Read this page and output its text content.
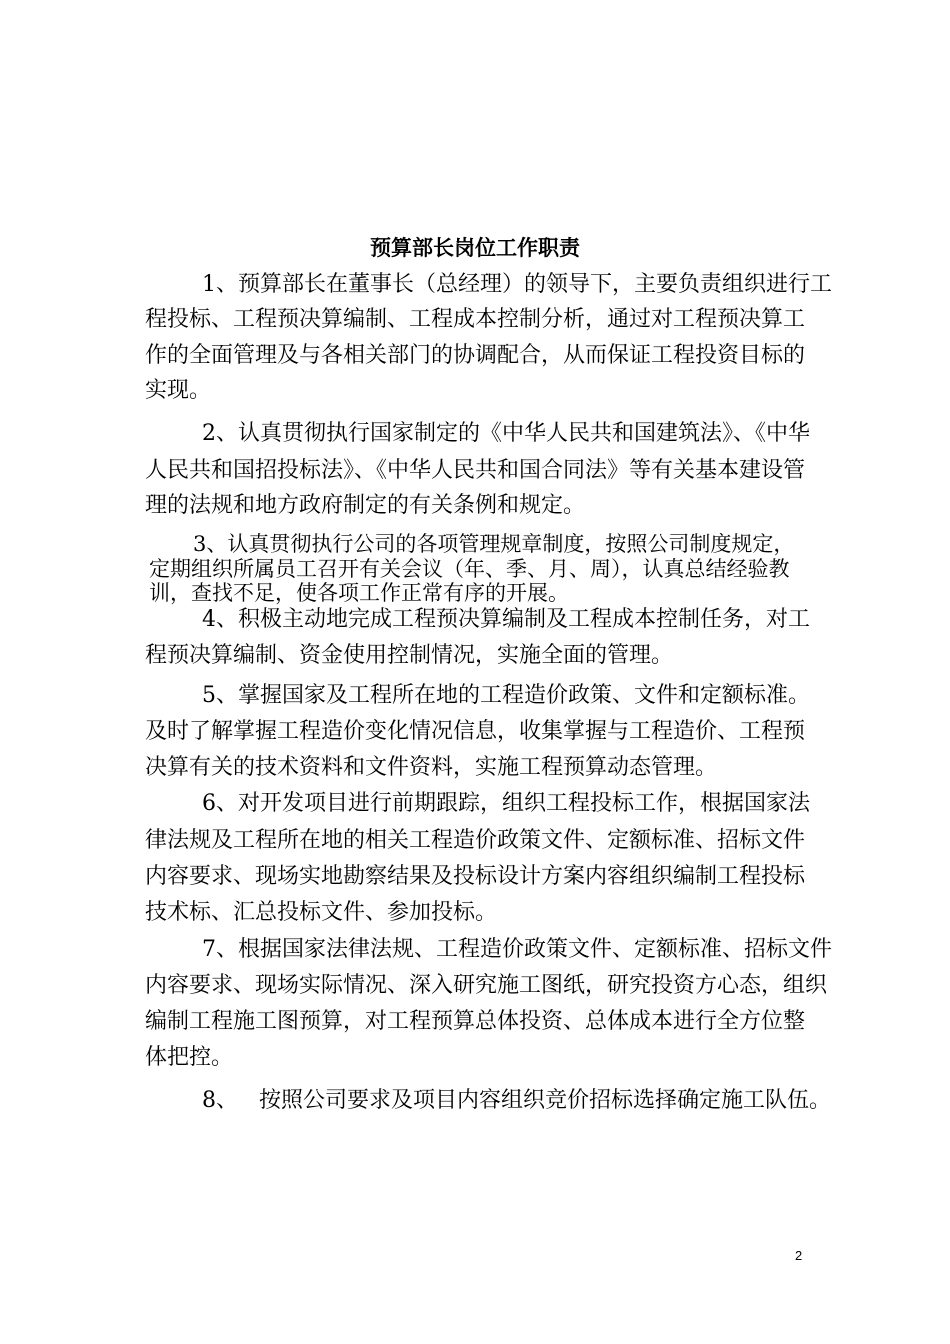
预算部长岗位工作职责

1、预算部长在董事长（总经理）的领导下，主要负责组织进行工

程投标、工程预决算编制、工程成本控制分析，通过对工程预决算工

作的全面管理及与各相关部门的协调配合，从而保证工程投资目标的

实现。

2、认真贯彻执行国家制定的《中华人民共和国建筑法》、《中华

人民共和国招投标法》、《中华人民共和国合同法》等有关基本建设管

理的法规和地方政府制定的有关条例和规定。

3、认真贯彻执行公司的各项管理规章制度，按照公司制度规定，

定期组织所属员工召开有关会议（年、季、月、周），认真总结经验教

训，查找不足，使各项工作正常有序的开展。

4、积极主动地完成工程预决算编制及工程成本控制任务，对工

程预决算编制、资金使用控制情况，实施全面的管理。

5、掌握国家及工程所在地的工程造价政策、文件和定额标准。

及时了解掌握工程造价变化情况信息，收集掌握与工程造价、工程预

决算有关的技术资料和文件资料，实施工程预算动态管理。

6、对开发项目进行前期跟踪，组织工程投标工作，根据国家法

律法规及工程所在地的相关工程造价政策文件、定额标准、招标文件

内容要求、现场实地勘察结果及投标设计方案内容组织编制工程投标

技术标、汇总投标文件、参加投标。

7、根据国家法律法规、工程造价政策文件、定额标准、招标文件

内容要求、现场实际情况、深入研究施工图纸，研究投资方心态，组织

编制工程施工图预算，对工程预算总体投资、总体成本进行全方位整

体把控。

8、   按照公司要求及项目内容组织竞价招标选择确定施工队伍。

2
